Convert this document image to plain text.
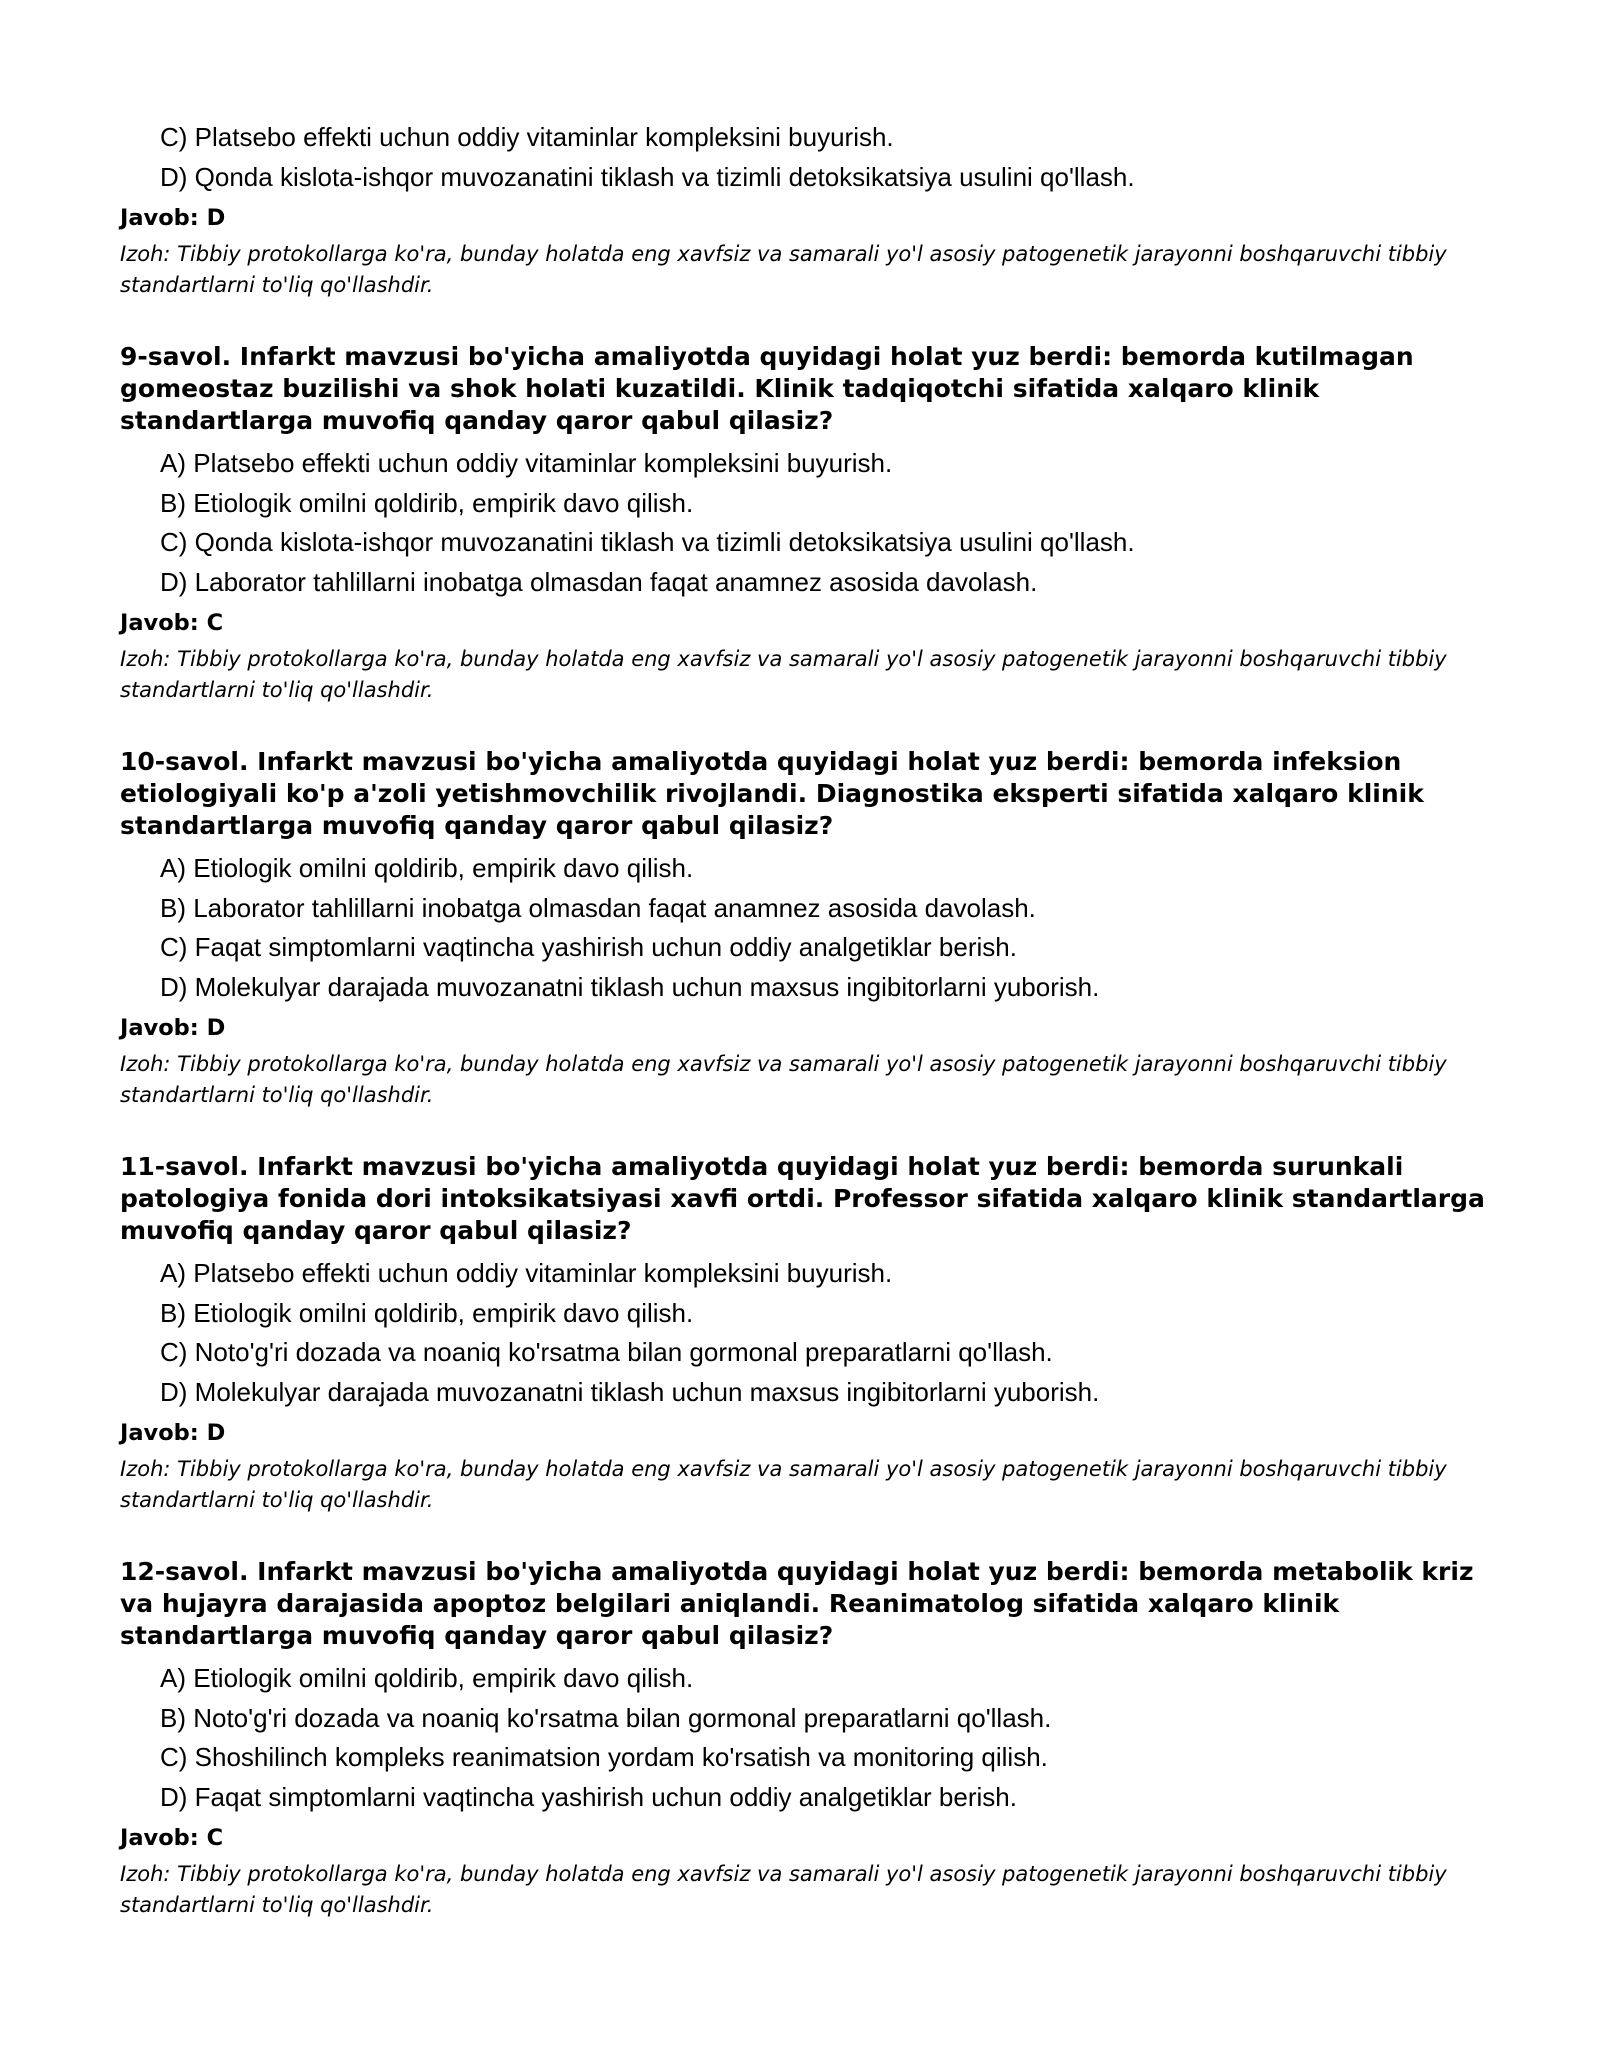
C) Platsebo effekti uchun oddiy vitaminlar kompleksini buyurish.
D) Qonda kislota-ishqor muvozanatini tiklash va tizimli detoksikatsiya usulini qo'llash.
Javob: D
Izoh: Tibbiy protokollarga ko'ra, bunday holatda eng xavfsiz va samarali yo'l asosiy patogenetik jarayonni boshqaruvchi tibbiy standartlarni to'liq qo'llashdir.
9-savol. Infarkt mavzusi bo'yicha amaliyotda quyidagi holat yuz berdi: bemorda kutilmagan gomeostaz buzilishi va shok holati kuzatildi. Klinik tadqiqotchi sifatida xalqaro klinik standartlarga muvofiq qanday qaror qabul qilasiz?
A) Platsebo effekti uchun oddiy vitaminlar kompleksini buyurish.
B) Etiologik omilni qoldirib, empirik davo qilish.
C) Qonda kislota-ishqor muvozanatini tiklash va tizimli detoksikatsiya usulini qo'llash.
D) Laborator tahlillarni inobatga olmasdan faqat anamnez asosida davolash.
Javob: C
Izoh: Tibbiy protokollarga ko'ra, bunday holatda eng xavfsiz va samarali yo'l asosiy patogenetik jarayonni boshqaruvchi tibbiy standartlarni to'liq qo'llashdir.
10-savol. Infarkt mavzusi bo'yicha amaliyotda quyidagi holat yuz berdi: bemorda infeksion etiologiyali ko'p a'zoli yetishmovchilik rivojlandi. Diagnostika eksperti sifatida xalqaro klinik standartlarga muvofiq qanday qaror qabul qilasiz?
A) Etiologik omilni qoldirib, empirik davo qilish.
B) Laborator tahlillarni inobatga olmasdan faqat anamnez asosida davolash.
C) Faqat simptomlarni vaqtincha yashirish uchun oddiy analgetiklar berish.
D) Molekulyar darajada muvozanatni tiklash uchun maxsus ingibitorlarni yuborish.
Javob: D
Izoh: Tibbiy protokollarga ko'ra, bunday holatda eng xavfsiz va samarali yo'l asosiy patogenetik jarayonni boshqaruvchi tibbiy standartlarni to'liq qo'llashdir.
11-savol. Infarkt mavzusi bo'yicha amaliyotda quyidagi holat yuz berdi: bemorda surunkali patologiya fonida dori intoksikatsiyasi xavfi ortdi. Professor sifatida xalqaro klinik standartlarga muvofiq qanday qaror qabul qilasiz?
A) Platsebo effekti uchun oddiy vitaminlar kompleksini buyurish.
B) Etiologik omilni qoldirib, empirik davo qilish.
C) Noto'g'ri dozada va noaniq ko'rsatma bilan gormonal preparatlarni qo'llash.
D) Molekulyar darajada muvozanatni tiklash uchun maxsus ingibitorlarni yuborish.
Javob: D
Izoh: Tibbiy protokollarga ko'ra, bunday holatda eng xavfsiz va samarali yo'l asosiy patogenetik jarayonni boshqaruvchi tibbiy standartlarni to'liq qo'llashdir.
12-savol. Infarkt mavzusi bo'yicha amaliyotda quyidagi holat yuz berdi: bemorda metabolik kriz va hujayra darajasida apoptoz belgilari aniqlandi. Reanimatolog sifatida xalqaro klinik standartlarga muvofiq qanday qaror qabul qilasiz?
A) Etiologik omilni qoldirib, empirik davo qilish.
B) Noto'g'ri dozada va noaniq ko'rsatma bilan gormonal preparatlarni qo'llash.
C) Shoshilinch kompleks reanimatsion yordam ko'rsatish va monitoring qilish.
D) Faqat simptomlarni vaqtincha yashirish uchun oddiy analgetiklar berish.
Javob: C
Izoh: Tibbiy protokollarga ko'ra, bunday holatda eng xavfsiz va samarali yo'l asosiy patogenetik jarayonni boshqaruvchi tibbiy standartlarni to'liq qo'llashdir.
